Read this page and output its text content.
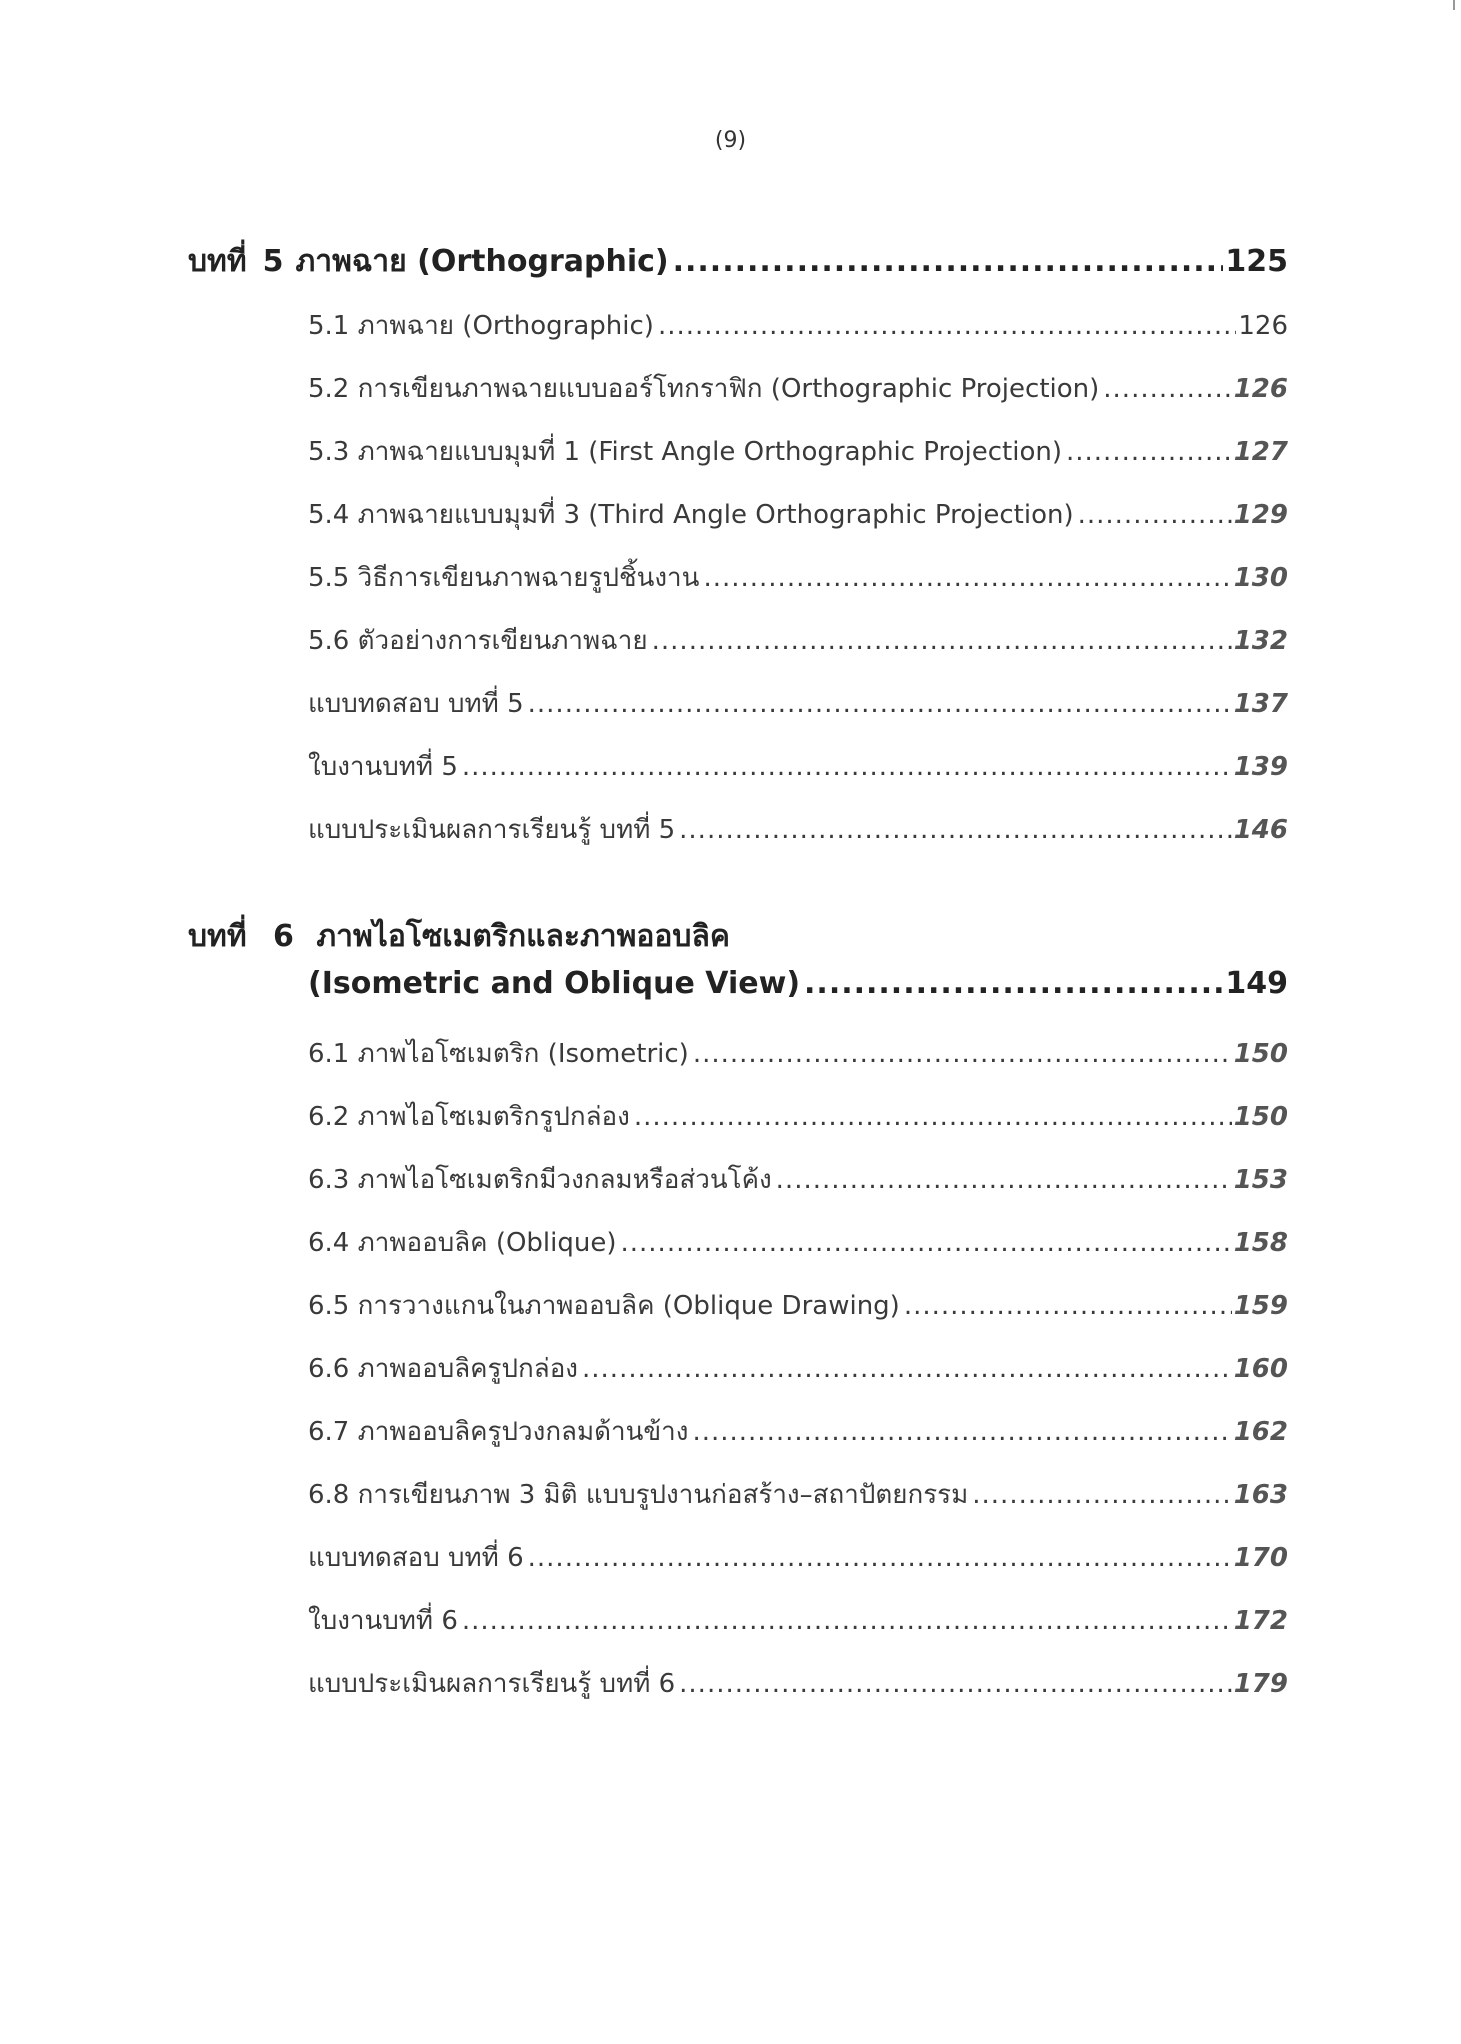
(9)
บทที่ 5 ภาพฉาย (Orthographic) .....	125
5.1 ภาพฉาย (Orthographic) .....	126
5.2 การเขียนภาพฉายแบบออร์โทกราฟิก (Orthographic Projection) .....	126
5.3 ภาพฉายแบบมุมที่ 1 (First Angle Orthographic Projection) .....	127
5.4 ภาพฉายแบบมุมที่ 3 (Third Angle Orthographic Projection) .....	129
5.5 วิธีการเขียนภาพฉายรูปชิ้นงาน .....	130
5.6 ตัวอย่างการเขียนภาพฉาย .....	132
แบบทดสอบ บทที่ 5 .....	137
ใบงานบทที่ 5 .....	139
แบบประเมินผลการเรียนรู้ บทที่ 5 .....	146
บทที่ 6 ภาพไอโซเมตริกและภาพออบลิค
(Isometric and Oblique View) .....	149
6.1 ภาพไอโซเมตริก (Isometric) .....	150
6.2 ภาพไอโซเมตริกรูปกล่อง .....	150
6.3 ภาพไอโซเมตริกมีวงกลมหรือส่วนโค้ง .....	153
6.4 ภาพออบลิค (Oblique) .....	158
6.5 การวางแกนในภาพออบลิค (Oblique Drawing) .....	159
6.6 ภาพออบลิครูปกล่อง .....	160
6.7 ภาพออบลิครูปวงกลมด้านข้าง .....	162
6.8 การเขียนภาพ 3 มิติ แบบรูปงานก่อสร้าง–สถาปัตยกรรม .....	163
แบบทดสอบ บทที่ 6 .....	170
ใบงานบทที่ 6 .....	172
แบบประเมินผลการเรียนรู้ บทที่ 6 .....	179
